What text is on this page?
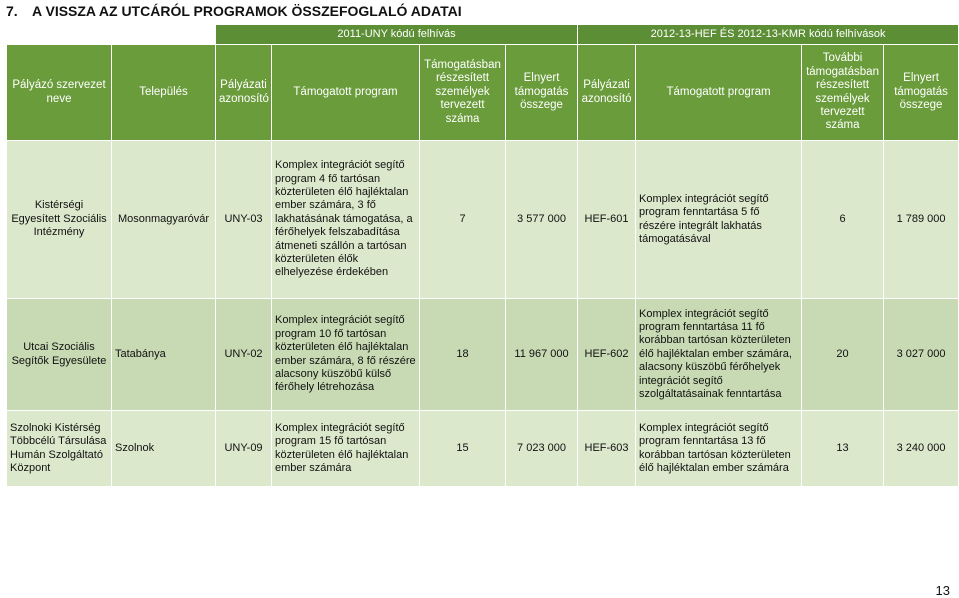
7. A VISSZA AZ UTCÁRÓL PROGRAMOK ÖSSZEFOGLALÓ ADATAI
		2011-UNY kódú felhívás				2012-13-HEF ÉS 2012-13-KMR kódú felhívások			
Pályázó szervezet neve	Település	Pályázati azonosító	Támogatott program	Támogatásban részesített személyek tervezett száma	Elnyert támogatás összege	Pályázati azonosító	Támogatott program	További támogatásban részesített személyek tervezett száma	Elnyert támogatás összege
Kistérségi Egyesített Szociális Intézmény	Mosonmagyaróvár	UNY-03	Komplex integrációt segítő program 4 fő tartósan közterületen élő hajléktalan ember számára, 3 fő lakhatásának támogatása, a férőhelyek felszabadítása átmeneti szállón a tartósan közterületen élők elhelyezése érdekében	7	3 577 000	HEF-601	Komplex integrációt segítő program fenntartása 5 fő részére integrált lakhatás támogatásával	6	1 789 000
Utcai Szociális Segítők Egyesülete	Tatabánya	UNY-02	Komplex integrációt segítő program 10 fő tartósan közterületen élő hajléktalan ember számára, 8 fő részére alacsony küszöbű külső férőhely létrehozása	18	11 967 000	HEF-602	Komplex integrációt segítő program fenntartása 11 fő korábban tartósan közterületen élő hajléktalan ember számára, alacsony küszöbű férőhelyek integrációt segítő szolgáltatásainak fenntartása	20	3 027 000
Szolnoki Kistérség Többcélú Társulása Humán Szolgáltató Központ	Szolnok	UNY-09	Komplex integrációt segítő program 15 fő tartósan közterületen élő hajléktalan ember számára	15	7 023 000	HEF-603	Komplex integrációt segítő program fenntartása 13 fő korábban tartósan közterületen élő hajléktalan ember számára	13	3 240 000
13
